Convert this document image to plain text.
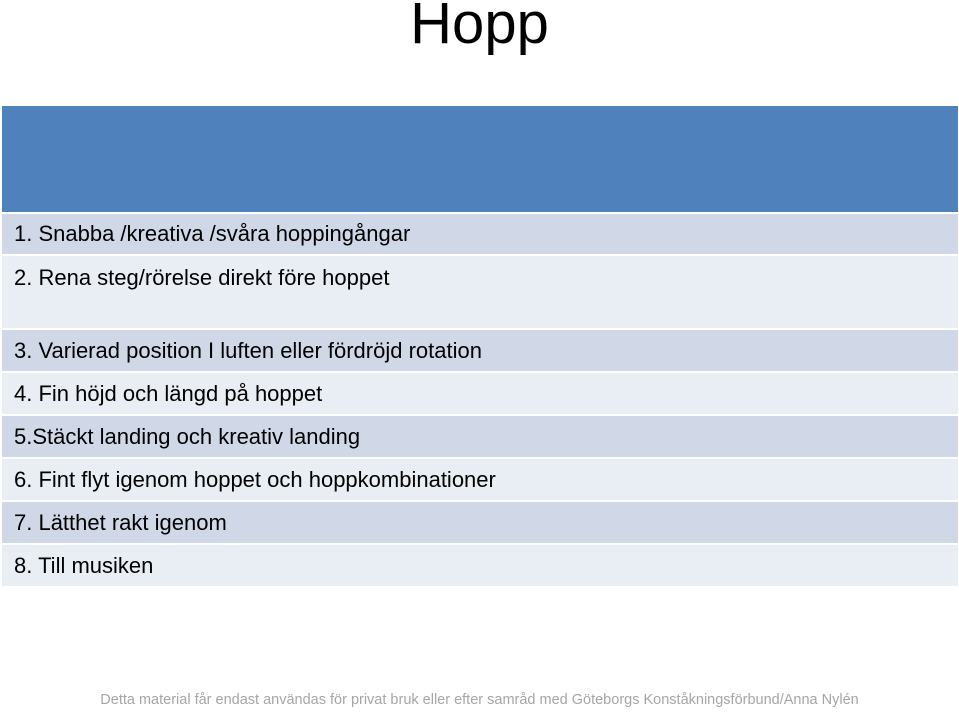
Hopp

1. Snabba /kreativa /svåra hoppingångar
2. Rena steg/rörelse direkt före hoppet
3. Varierad position I luften eller fördröjd rotation
4. Fin höjd och längd på hoppet
5.Stäckt landing och kreativ landing
6. Fint flyt igenom hoppet och hoppkombinationer
7. Lätthet rakt igenom
8. Till musiken
Detta material får endast användas för privat bruk eller efter samråd med Göteborgs Konståkningsförbund/Anna Nylén
